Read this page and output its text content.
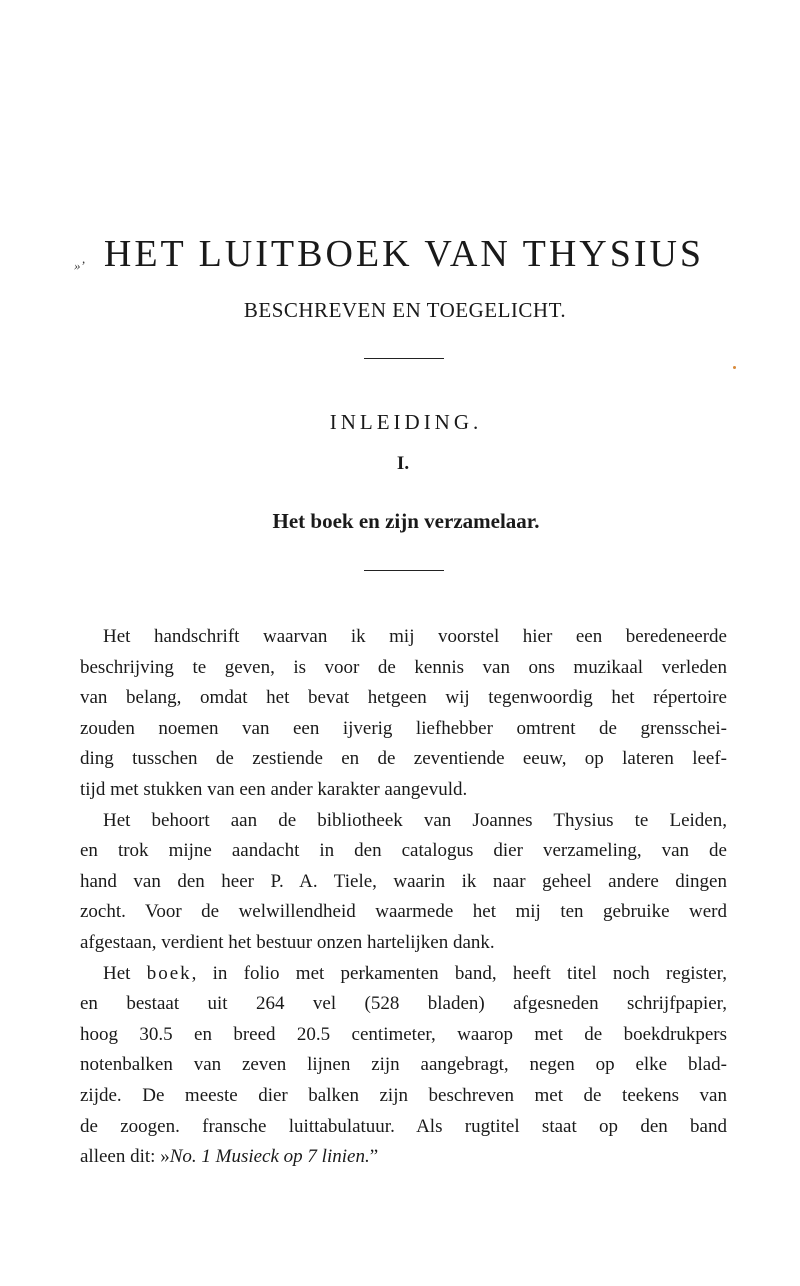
»’ HET LUITBOEK VAN THYSIUS
BESCHREVEN EN TOEGELICHT.
INLEIDING.
I.
Het boek en zijn verzamelaar.
Het handschrift waarvan ik mij voorstel hier een beredeneerde
beschrijving te geven, is voor de kennis van ons muzikaal verleden
van belang, omdat het bevat hetgeen wij tegenwoordig het répertoire
zouden noemen van een ijverig liefhebber omtrent de grensschei-
ding tusschen de zestiende en de zeventiende eeuw, op lateren leef-
tijd met stukken van een ander karakter aangevuld.
Het behoort aan de bibliotheek van Joannes Thysius te Leiden,
en trok mijne aandacht in den catalogus dier verzameling, van de
hand van den heer P. A. Tiele, waarin ik naar geheel andere dingen
zocht. Voor de welwillendheid waarmede het mij ten gebruike werd
afgestaan, verdient het bestuur onzen hartelijken dank.
Het boek, in folio met perkamenten band, heeft titel noch register,
en bestaat uit 264 vel (528 bladen) afgesneden schrijfpapier,
hoog 30.5 en breed 20.5 centimeter, waarop met de boekdrukpers
notenbalken van zeven lijnen zijn aangebragt, negen op elke blad-
zijde. De meeste dier balken zijn beschreven met de teekens van
de zoogen. fransche luittabulatuur. Als rugtitel staat op den band
alleen dit: »No. 1 Musieck op 7 linien.”
